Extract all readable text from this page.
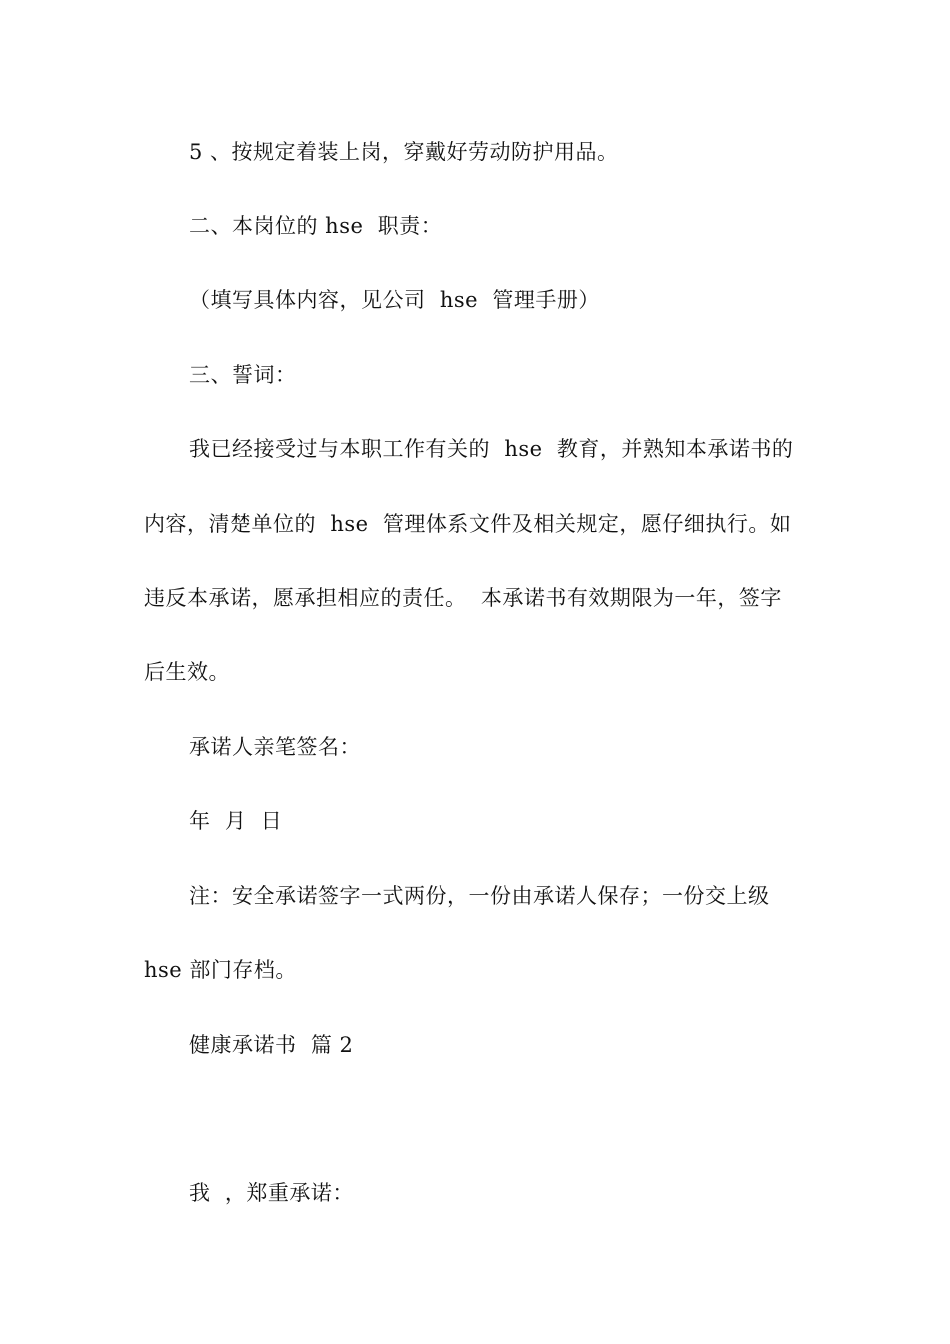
5 、按规定着装上岗，穿戴好劳动防护用品。
二、本岗位的 hse  职责：
（填写具体内容，见公司  hse  管理手册）
三、誓词：
我已经接受过与本职工作有关的  hse  教育，并熟知本承诺书的
内容，清楚单位的  hse  管理体系文件及相关规定，愿仔细执行。如
违反本承诺，愿承担相应的责任。  本承诺书有效期限为一年，签字
后生效。
承诺人亲笔签名：
年  月  日
注：安全承诺签字一式两份，一份由承诺人保存；一份交上级
hse 部门存档。
健康承诺书  篇 2
我  ，郑重承诺：
